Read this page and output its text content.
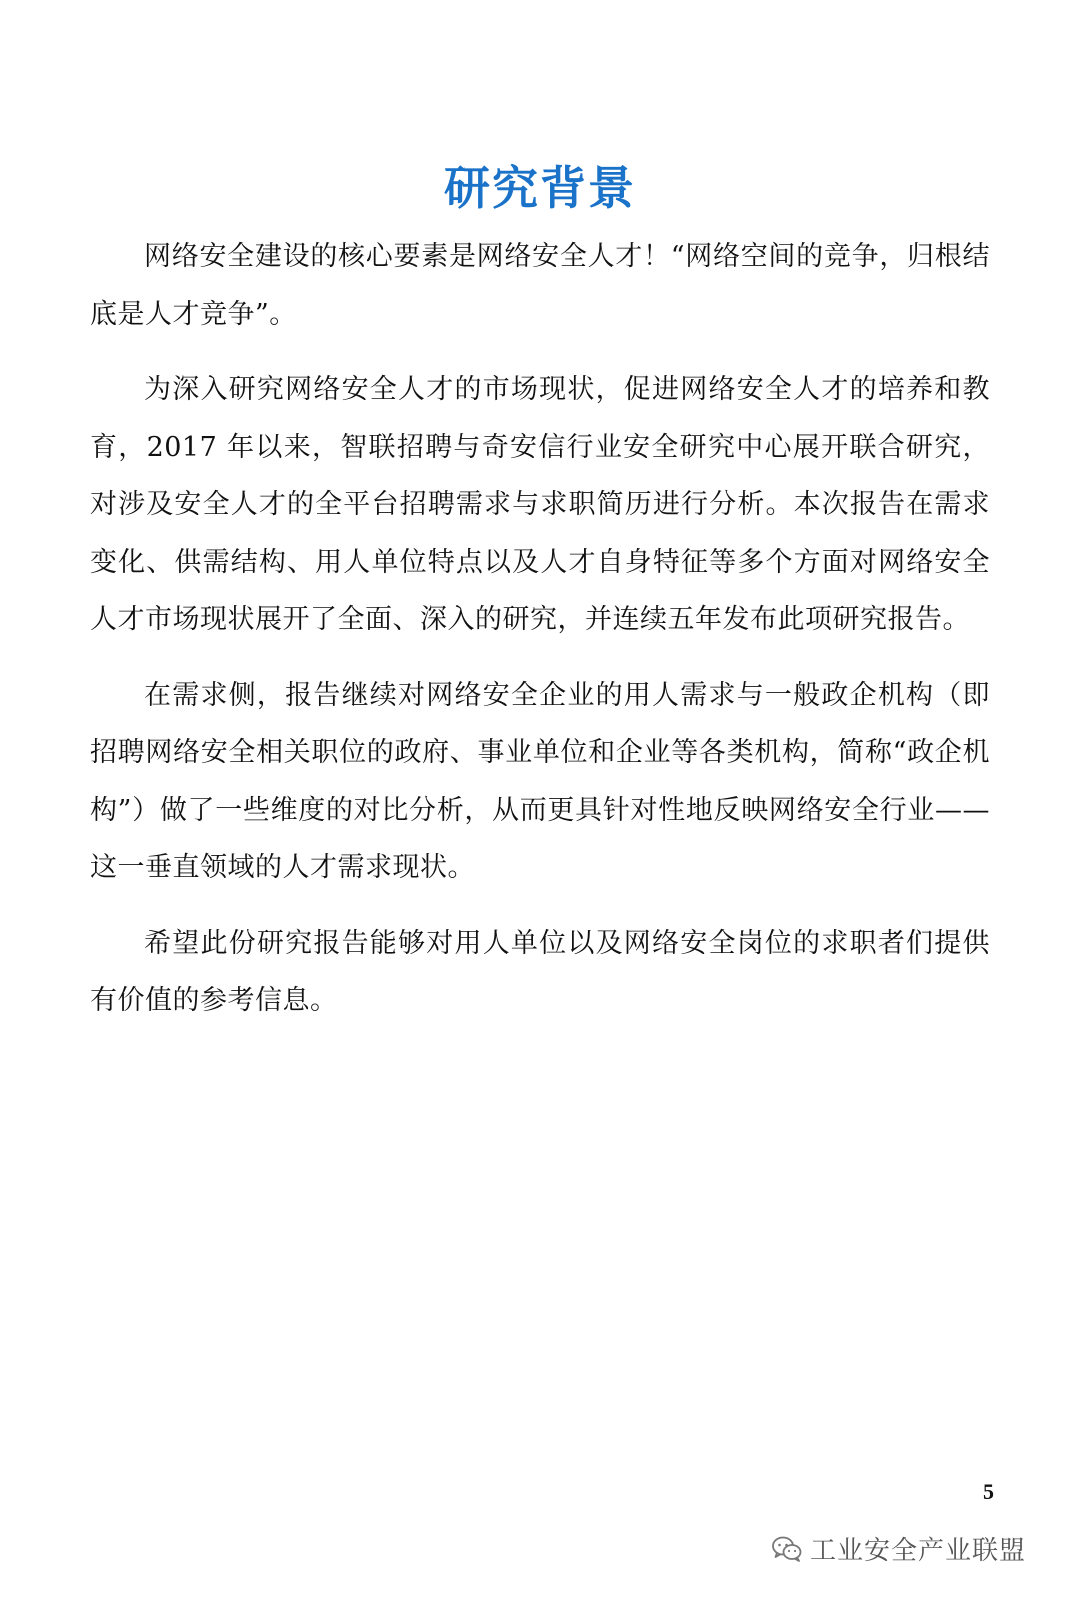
研究背景

网络安全建设的核心要素是网络安全人才！“网络空间的竞争，归根结底是人才竞争”。

为深入研究网络安全人才的市场现状，促进网络安全人才的培养和教育，2017 年以来，智联招聘与奇安信行业安全研究中心展开联合研究，对涉及安全人才的全平台招聘需求与求职简历进行分析。本次报告在需求变化、供需结构、用人单位特点以及人才自身特征等多个方面对网络安全人才市场现状展开了全面、深入的研究，并连续五年发布此项研究报告。

在需求侧，报告继续对网络安全企业的用人需求与一般政企机构（即招聘网络安全相关职位的政府、事业单位和企业等各类机构，简称“政企机构”）做了一些维度的对比分析，从而更具针对性地反映网络安全行业——这一垂直领域的人才需求现状。

希望此份研究报告能够对用人单位以及网络安全岗位的求职者们提供有价值的参考信息。

5
工业安全产业联盟
